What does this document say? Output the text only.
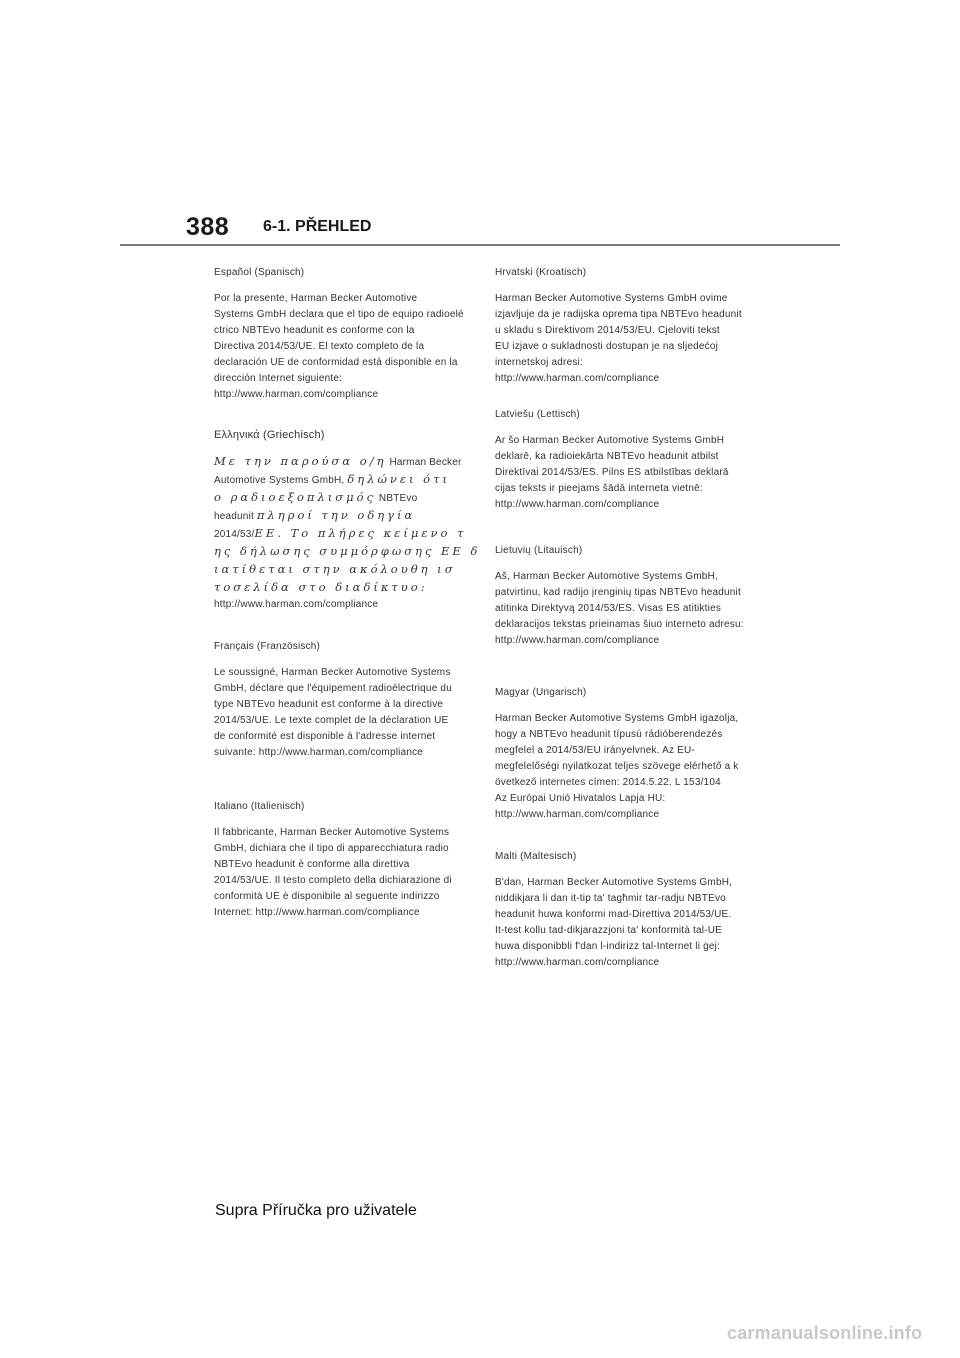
388 6-1. PŘEHLED

Español (Spanisch)

Por la presente, Harman Becker Automotive
Systems GmbH declara que el tipo de equipo radioelé
ctrico NBTEvo headunit es conforme con la
Directiva 2014/53/UE. El texto completo de la
declaración UE de conformidad está disponible en la
dirección Internet siguiente:
http://www.harman.com/compliance

Ελληνικά (Griechisch)

Με την παρούσα ο/η Harman Becker
Automotive Systems GmbH, δηλώνει ότι
ο ραδιοεξοπλισμός NBTEvo
headunit πληροί την οδηγία
2014/53/ΕΕ. Το πλήρες κείμενο τ
ης δήλωσης συμμόρφωσης ΕΕ δ
ιατίθεται στην ακόλουθη ισ
τοσελίδα στο διαδίκτυο:
http://www.harman.com/compliance

Français (Französisch)

Le soussigné, Harman Becker Automotive Systems
GmbH, déclare que l'équipement radioélectrique du
type NBTEvo headunit est conforme à la directive
2014/53/UE. Le texte complet de la déclaration UE
de conformité est disponible à l'adresse internet
suivante: http://www.harman.com/compliance

Italiano (Italienisch)

Il fabbricante, Harman Becker Automotive Systems
GmbH, dichiara che il tipo di apparecchiatura radio
NBTEvo headunit è conforme alla direttiva
2014/53/UE. Il testo completo della dichiarazione di
conformità UE è disponibile al seguente indirizzo
Internet: http://www.harman.com/compliance

Hrvatski (Kroatisch)

Harman Becker Automotive Systems GmbH ovime
izjavljuje da je radijska oprema tipa NBTEvo headunit
u skladu s Direktivom 2014/53/EU. Cjeloviti tekst
EU izjave o sukladnosti dostupan je na sljedećoj
internetskoj adresi:
http://www.harman.com/compliance

Latviešu (Lettisch)

Ar šo Harman Becker Automotive Systems GmbH
deklarē, ka radioiekārta NBTEvo headunit atbilst
Direktīvai 2014/53/ES. Pilns ES atbilstības deklarā
cijas teksts ir pieejams šādā interneta vietnē:
http://www.harman.com/compliance

Lietuvių (Litauisch)

Aš, Harman Becker Automotive Systems GmbH,
patvirtinu, kad radijo įrenginių tipas NBTEvo headunit
atitinka Direktyvą 2014/53/ES. Visas ES atitikties
deklaracijos tekstas prieinamas šiuo interneto adresu:
http://www.harman.com/compliance

Magyar (Ungarisch)

Harman Becker Automotive Systems GmbH igazolja,
hogy a NBTEvo headunit típusú rádióberendezés
megfelel a 2014/53/EU irányelvnek. Az EU-
megfelelőségi nyilatkozat teljes szövege elérhető a k
övetkező internetes címen: 2014.5.22. L 153/104
Az Európai Unió Hivatalos Lapja HU:
http://www.harman.com/compliance

Malti (Maltesisch)

B'dan, Harman Becker Automotive Systems GmbH,
niddikjara li dan it-tip ta' tagħmir tar-radju NBTEvo
headunit huwa konformi mad-Direttiva 2014/53/UE.
It-test kollu tad-dikjarazzjoni ta' konformità tal-UE
huwa disponibbli f'dan l-indirizz tal-Internet li ġej:
http://www.harman.com/compliance

Supra Příručka pro uživatele
carmanualsonline.info
